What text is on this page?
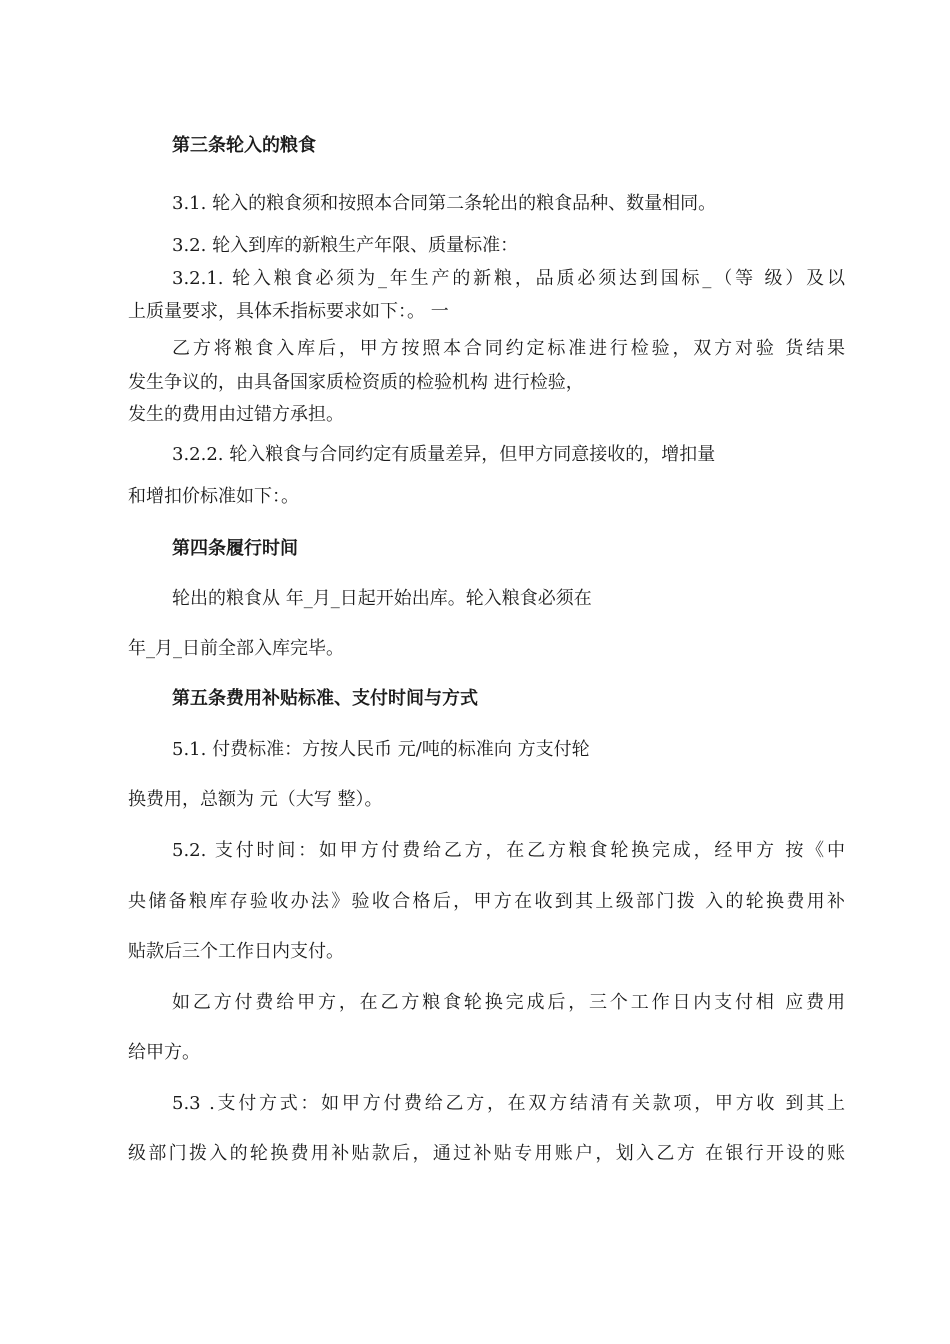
第三条轮入的粮食
3.1. 轮入的粮食须和按照本合同第二条轮出的粮食品种、数量相同。
3.2. 轮入到库的新粮生产年限、质量标准：
3.2.1. 轮入粮食必须为_年生产的新粮，品质必须达到国标_（等 级）及以
上质量要求，具体禾指标要求如下：。 一
乙方将粮食入库后，甲方按照本合同约定标准进行检验，双方对验 货结果
发生争议的，由具备国家质检资质的检验机构 进行检验，
发生的费用由过错方承担。
3.2.2. 轮入粮食与合同约定有质量差异，但甲方同意接收的，增扣量
和增扣价标准如下：。
第四条履行时间
轮出的粮食从 年_月_日起开始出库。轮入粮食必须在
年_月_日前全部入库完毕。
第五条费用补贴标准、支付时间与方式
5.1. 付费标准：方按人民币 元/吨的标准向 方支付轮
换费用，总额为 元（大写 整）。
5.2. 支付时间：如甲方付费给乙方，在乙方粮食轮换完成，经甲方 按《中
央储备粮库存验收办法》验收合格后，甲方在收到其上级部门拨 入的轮换费用补
贴款后三个工作日内支付。
如乙方付费给甲方，在乙方粮食轮换完成后，三个工作日内支付相 应费用
给甲方。
5.3 .支付方式：如甲方付费给乙方，在双方结清有关款项，甲方收 到其上
级部门拨入的轮换费用补贴款后，通过补贴专用账户，划入乙方 在银行开设的账
